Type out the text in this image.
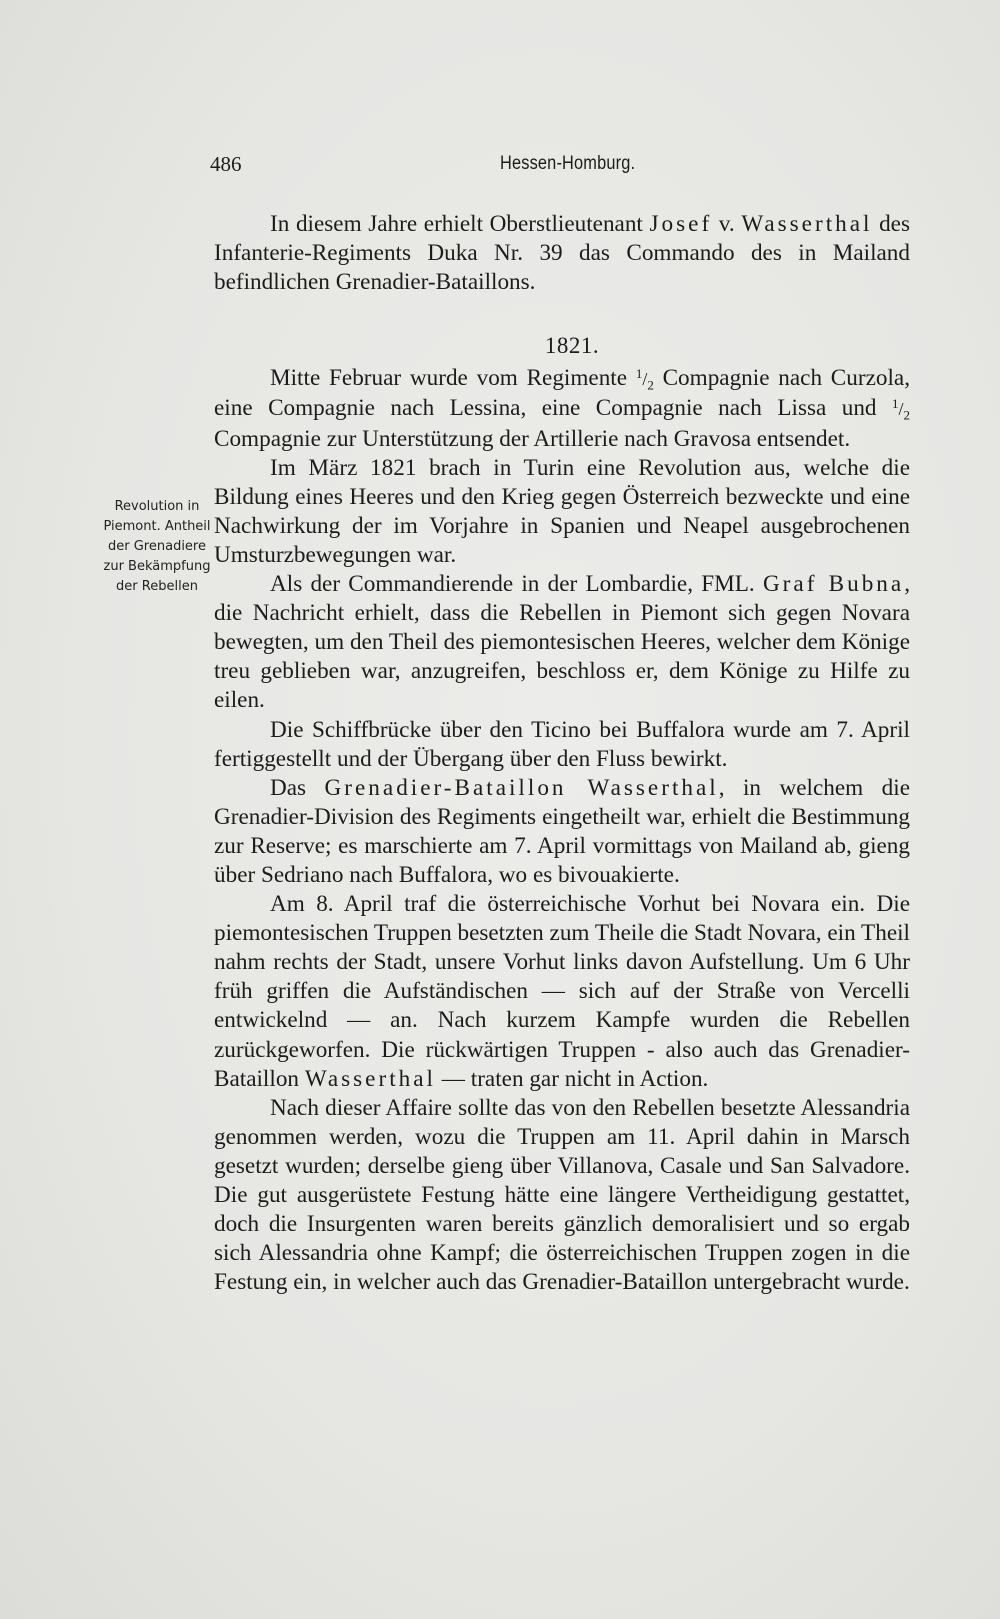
486	Hessen-Homburg.
Revolution in
Piemont. Antheil
der Grenadiere
zur Bekämpfung
der Rebellen

In diesem Jahre erhielt Oberstlieutenant Josef v. Wasserthal des Infanterie-Regiments Duka Nr. 39 das Commando des in Mailand befindlichen Grenadier-Bataillons.

1821.

Mitte Februar wurde vom Regimente $^1/_2$ Compagnie nach Curzola, eine Compagnie nach Lessina, eine Compagnie nach Lissa und $^1/_2$ Compagnie zur Unterstützung der Artillerie nach Gravosa entsendet.

Im März 1821 brach in Turin eine Revolution aus, welche die Bildung eines Heeres und den Krieg gegen Österreich bezweckte und eine Nachwirkung der im Vorjahre in Spanien und Neapel ausgebrochenen Umsturzbewegungen war.

Als der Commandierende in der Lombardie, FML. Graf Bubna, die Nachricht erhielt, dass die Rebellen in Piemont sich gegen Novara bewegten, um den Theil des piemontesischen Heeres, welcher dem Könige treu geblieben war, anzugreifen, beschloss er, dem Könige zu Hilfe zu eilen.

Die Schiffbrücke über den Ticino bei Buffalora wurde am 7. April fertiggestellt und der Übergang über den Fluss bewirkt.

Das Grenadier-Bataillon Wasserthal, in welchem die Grenadier-Division des Regiments eingetheilt war, erhielt die Bestimmung zur Reserve; es marschierte am 7. April vormittags von Mailand ab, gieng über Sedriano nach Buffalora, wo es bivouakierte.

Am 8. April traf die österreichische Vorhut bei Novara ein. Die piemontesischen Truppen besetzten zum Theile die Stadt Novara, ein Theil nahm rechts der Stadt, unsere Vorhut links davon Aufstellung. Um 6 Uhr früh griffen die Aufständischen — sich auf der Straße von Vercelli entwickelnd — an. Nach kurzem Kampfe wurden die Rebellen zurückgeworfen. Die rückwärtigen Truppen - also auch das Grenadier-Bataillon Wasserthal — traten gar nicht in Action.

Nach dieser Affaire sollte das von den Rebellen besetzte Alessandria genommen werden, wozu die Truppen am 11. April dahin in Marsch gesetzt wurden; derselbe gieng über Villanova, Casale und San Salvadore. Die gut ausgerüstete Festung hätte eine längere Vertheidigung gestattet, doch die Insurgenten waren bereits gänzlich demoralisiert und so ergab sich Alessandria ohne Kampf; die österreichischen Truppen zogen in die Festung ein, in welcher auch das Grenadier-Bataillon untergebracht wurde.
